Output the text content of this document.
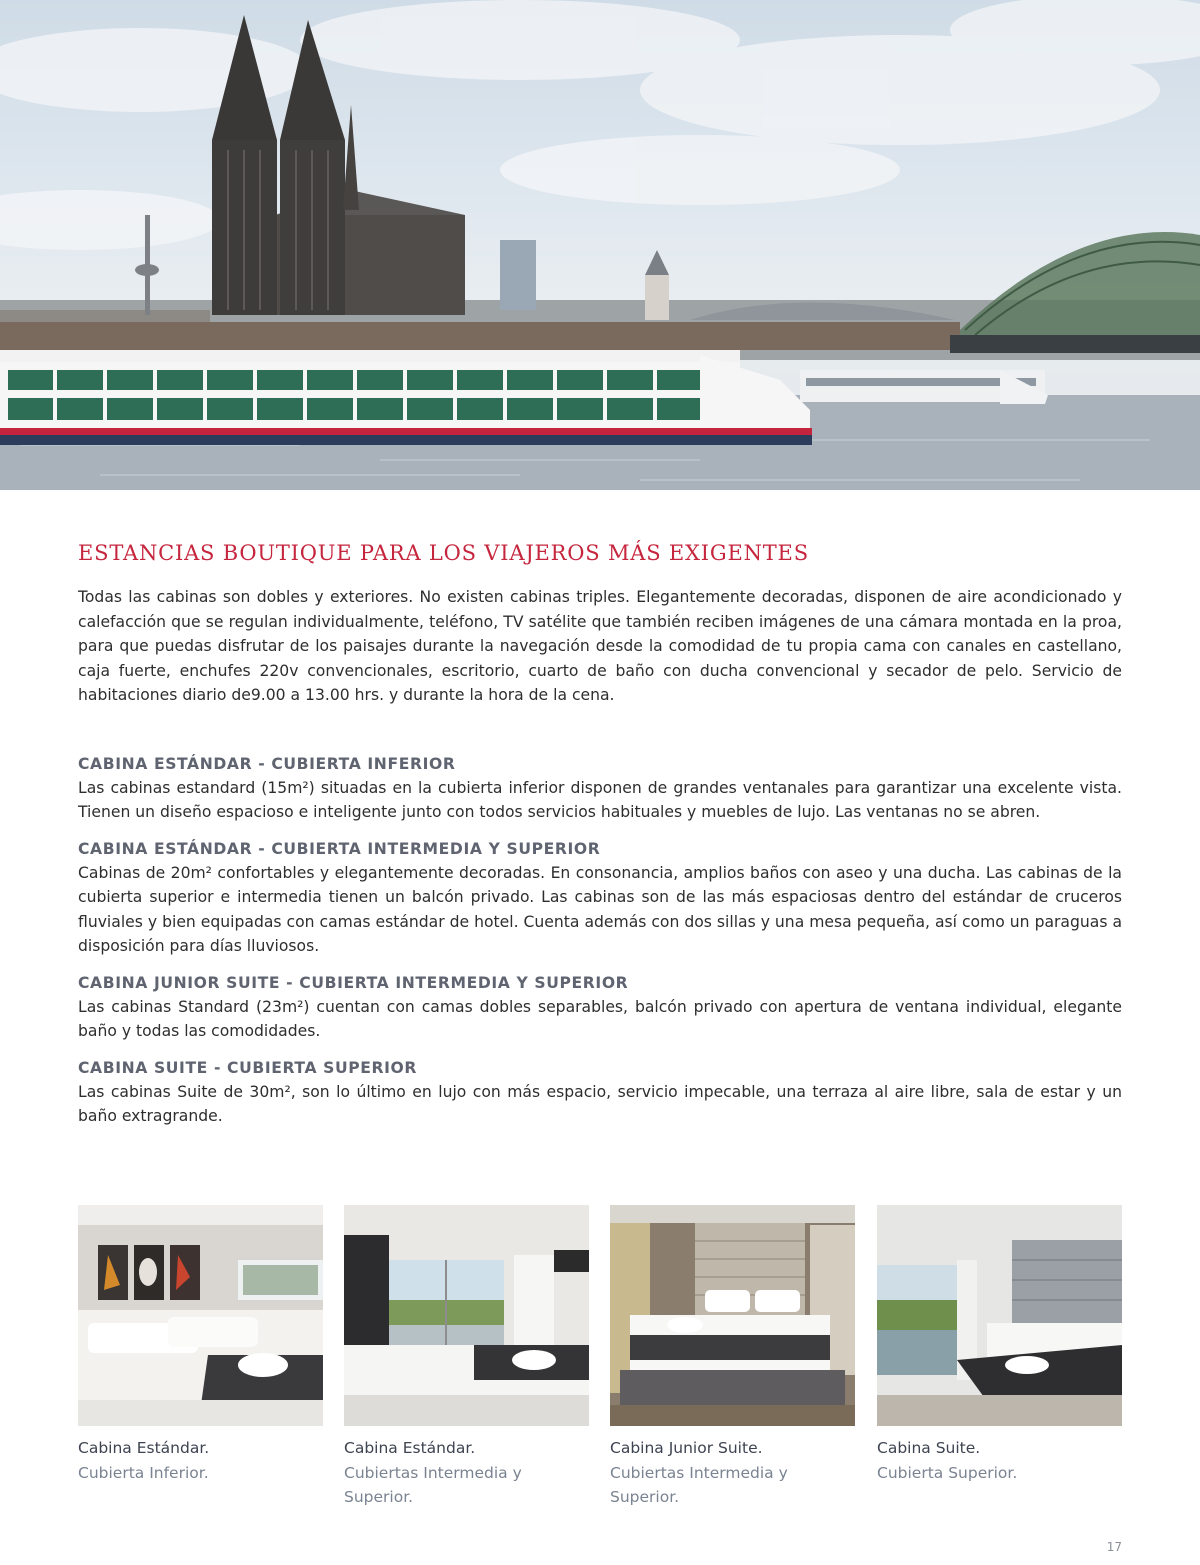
ESTANCIAS BOUTIQUE PARA LOS VIAJEROS MÁS EXIGENTES

Todas las cabinas son dobles y exteriores. No existen cabinas triples. Elegantemente decoradas, disponen de aire acondicionado y calefacción que se regulan individualmente, teléfono, TV satélite que también reciben imágenes de una cámara montada en la proa, para que puedas disfrutar de los paisajes durante la navegación desde la comodidad de tu propia cama con canales en castellano, caja fuerte, enchufes 220v convencionales, escritorio, cuarto de baño con ducha convencional y secador de pelo. Servicio de habitaciones diario de9.00 a 13.00 hrs. y durante la hora de la cena.

CABINA ESTÁNDAR - CUBIERTA INFERIOR

Las cabinas estandard (15m²) situadas en la cubierta inferior disponen de grandes ventanales para garantizar una excelente vista. Tienen un diseño espacioso e inteligente junto con todos servicios habituales y muebles de lujo. Las ventanas no se abren.

CABINA ESTÁNDAR - CUBIERTA INTERMEDIA Y SUPERIOR

Cabinas de 20m² confortables y elegantemente decoradas. En consonancia, amplios baños con aseo y una ducha. Las cabinas de la cubierta superior e intermedia tienen un balcón privado. Las cabinas son de las más espaciosas dentro del estándar de cruceros fluviales y bien equipadas con camas estándar de hotel. Cuenta además con dos sillas y una mesa pequeña, así como un paraguas a disposición para días lluviosos.

CABINA JUNIOR SUITE - CUBIERTA INTERMEDIA Y SUPERIOR

Las cabinas Standard (23m²) cuentan con camas dobles separables, balcón privado con apertura de ventana individual, elegante baño y todas las comodidades.

CABINA SUITE - CUBIERTA SUPERIOR

Las cabinas Suite de 30m², son lo último en lujo con más espacio, servicio impecable, una terraza al aire libre, sala de estar y un baño extragrande.

Cabina Estándar.
Cubierta Inferior.
Cabina Estándar.
Cubiertas Intermedia y Superior.
Cabina Junior Suite.
Cubiertas Intermedia y Superior.
Cabina Suite.
Cubierta Superior.
17
